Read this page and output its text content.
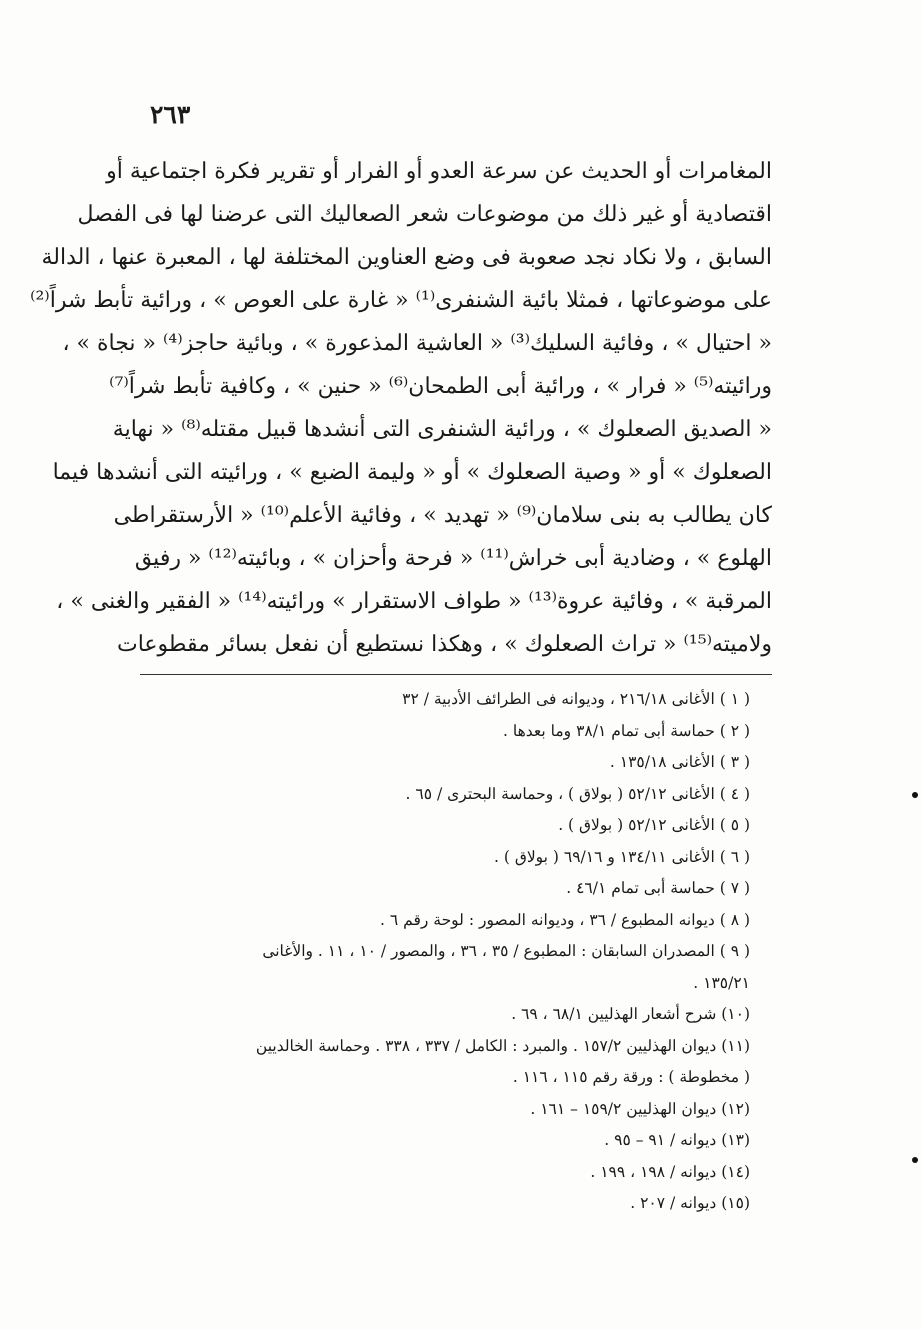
٢٦٣
المغامرات أو الحديث عن سرعة العدو أو الفرار أو تقرير فكرة اجتماعية أو
اقتصادية أو غير ذلك من موضوعات شعر الصعاليك التى عرضنا لها فى الفصل
السابق ، ولا نكاد نجد صعوبة فى وضع العناوين المختلفة لها ، المعبرة عنها ، الدالة
على موضوعاتها ، فمثلا بائية الشنفرى⁽¹⁾ « غارة على العوص » ، ورائية تأبط شراً⁽²⁾
« احتيال » ، وفائية السليك⁽³⁾ « العاشية المذعورة » ، وبائية حاجز⁽⁴⁾ « نجاة » ،
ورائيته⁽⁵⁾ « فرار » ، ورائية أبى الطمحان⁽⁶⁾ « حنين » ، وكافية تأبط شراً⁽⁷⁾
« الصديق الصعلوك » ، ورائية الشنفرى التى أنشدها قبيل مقتله⁽⁸⁾ « نهاية
الصعلوك » أو « وصية الصعلوك » أو « وليمة الضبع » ، ورائيته التى أنشدها فيما
كان يطالب به بنى سلامان⁽⁹⁾ « تهديد » ، وفائية الأعلم⁽¹⁰⁾ « الأرستقراطى
الهلوع » ، وضادية أبى خراش⁽¹¹⁾ « فرحة وأحزان » ، وبائيته⁽¹²⁾ « رفيق
المرقبة » ، وفائية عروة⁽¹³⁾ « طواف الاستقرار » ورائيته⁽¹⁴⁾ « الفقير والغنى » ،
ولاميته⁽¹⁵⁾ « تراث الصعلوك » ، وهكذا نستطيع أن نفعل بسائر مقطوعات
( ١ ) الأغانى ٢١٦/١٨ ، وديوانه فى الطرائف الأدبية / ٣٢
( ٢ ) حماسة أبى تمام ٣٨/١ وما بعدها .
( ٣ ) الأغانى ١٣٥/١٨ .
( ٤ ) الأغانى ٥٢/١٢ ( بولاق ) ، وحماسة البحترى / ٦٥ .
( ٥ ) الأغانى ٥٢/١٢ ( بولاق ) .
( ٦ ) الأغانى ١٣٤/١١ و ٦٩/١٦ ( بولاق ) .
( ٧ ) حماسة أبى تمام ٤٦/١ .
( ٨ ) ديوانه المطبوع / ٣٦ ، وديوانه المصور : لوحة رقم ٦ .
( ٩ ) المصدران السابقان : المطبوع / ٣٥ ، ٣٦ ، والمصور / ١٠ ، ١١ . والأغانى
١٣٥/٢١ .
(١٠) شرح أشعار الهذليين ٦٨/١ ، ٦٩ .
(١١) ديوان الهذليين ١٥٧/٢ . والمبرد : الكامل / ٣٣٧ ، ٣٣٨ . وحماسة الخالديين
( مخطوطة ) : ورقة رقم ١١٥ ، ١١٦ .
(١٢) ديوان الهذليين ١٥٩/٢ – ١٦١ .
(١٣) ديوانه / ٩١ – ٩٥ .
(١٤) ديوانه / ١٩٨ ، ١٩٩ .
(١٥) ديوانه / ٢٠٧ .
